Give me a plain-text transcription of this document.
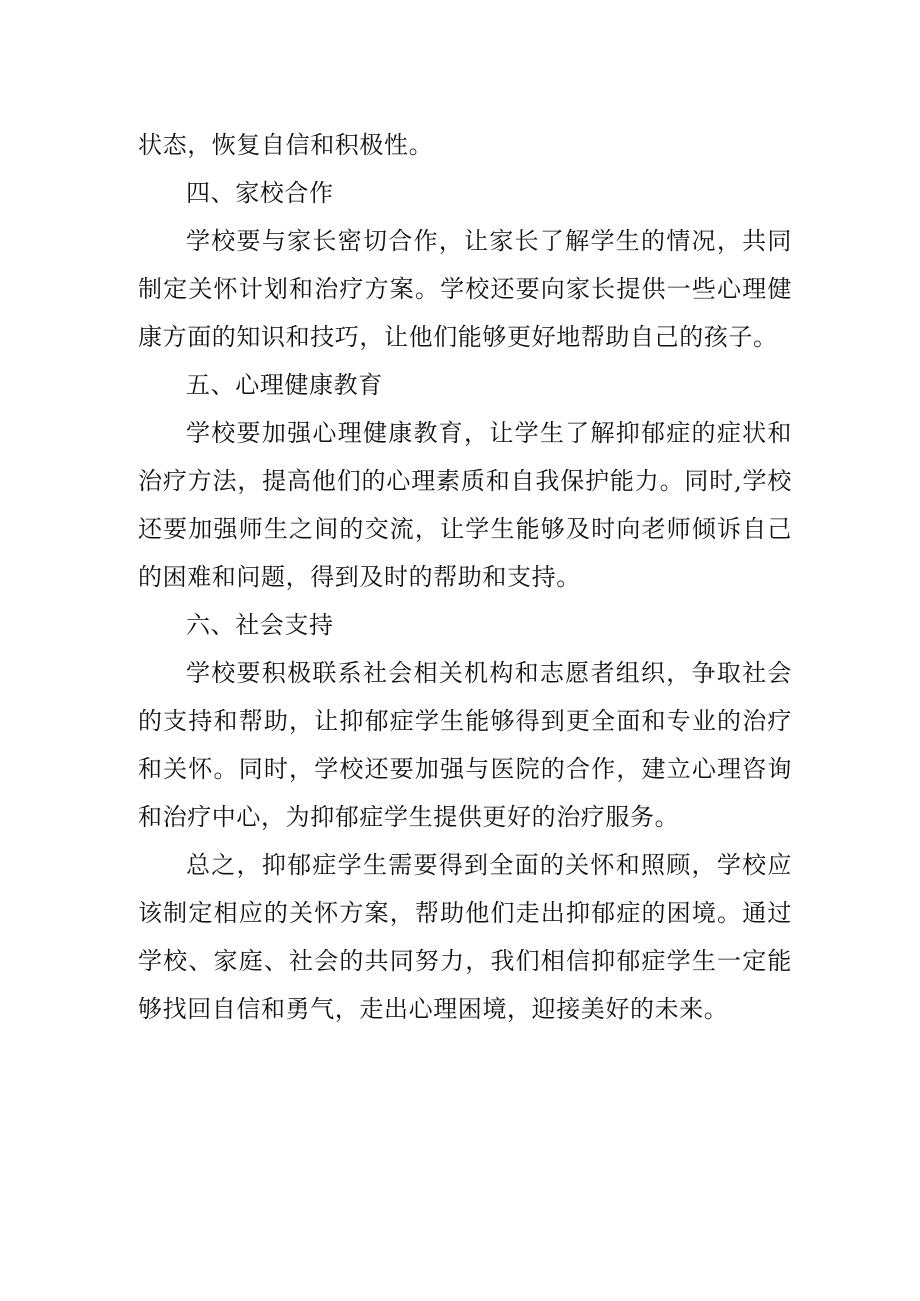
状态，恢复自信和积极性。

四、家校合作

学校要与家长密切合作，让家长了解学生的情况，共同制定关怀计划和治疗方案。学校还要向家长提供一些心理健康方面的知识和技巧，让他们能够更好地帮助自己的孩子。

五、心理健康教育

学校要加强心理健康教育，让学生了解抑郁症的症状和治疗方法，提高他们的心理素质和自我保护能力。同时,学校还要加强师生之间的交流，让学生能够及时向老师倾诉自己的困难和问题，得到及时的帮助和支持。

六、社会支持

学校要积极联系社会相关机构和志愿者组织，争取社会的支持和帮助，让抑郁症学生能够得到更全面和专业的治疗和关怀。同时，学校还要加强与医院的合作，建立心理咨询和治疗中心，为抑郁症学生提供更好的治疗服务。

总之，抑郁症学生需要得到全面的关怀和照顾，学校应该制定相应的关怀方案，帮助他们走出抑郁症的困境。通过学校、家庭、社会的共同努力，我们相信抑郁症学生一定能够找回自信和勇气，走出心理困境，迎接美好的未来。
